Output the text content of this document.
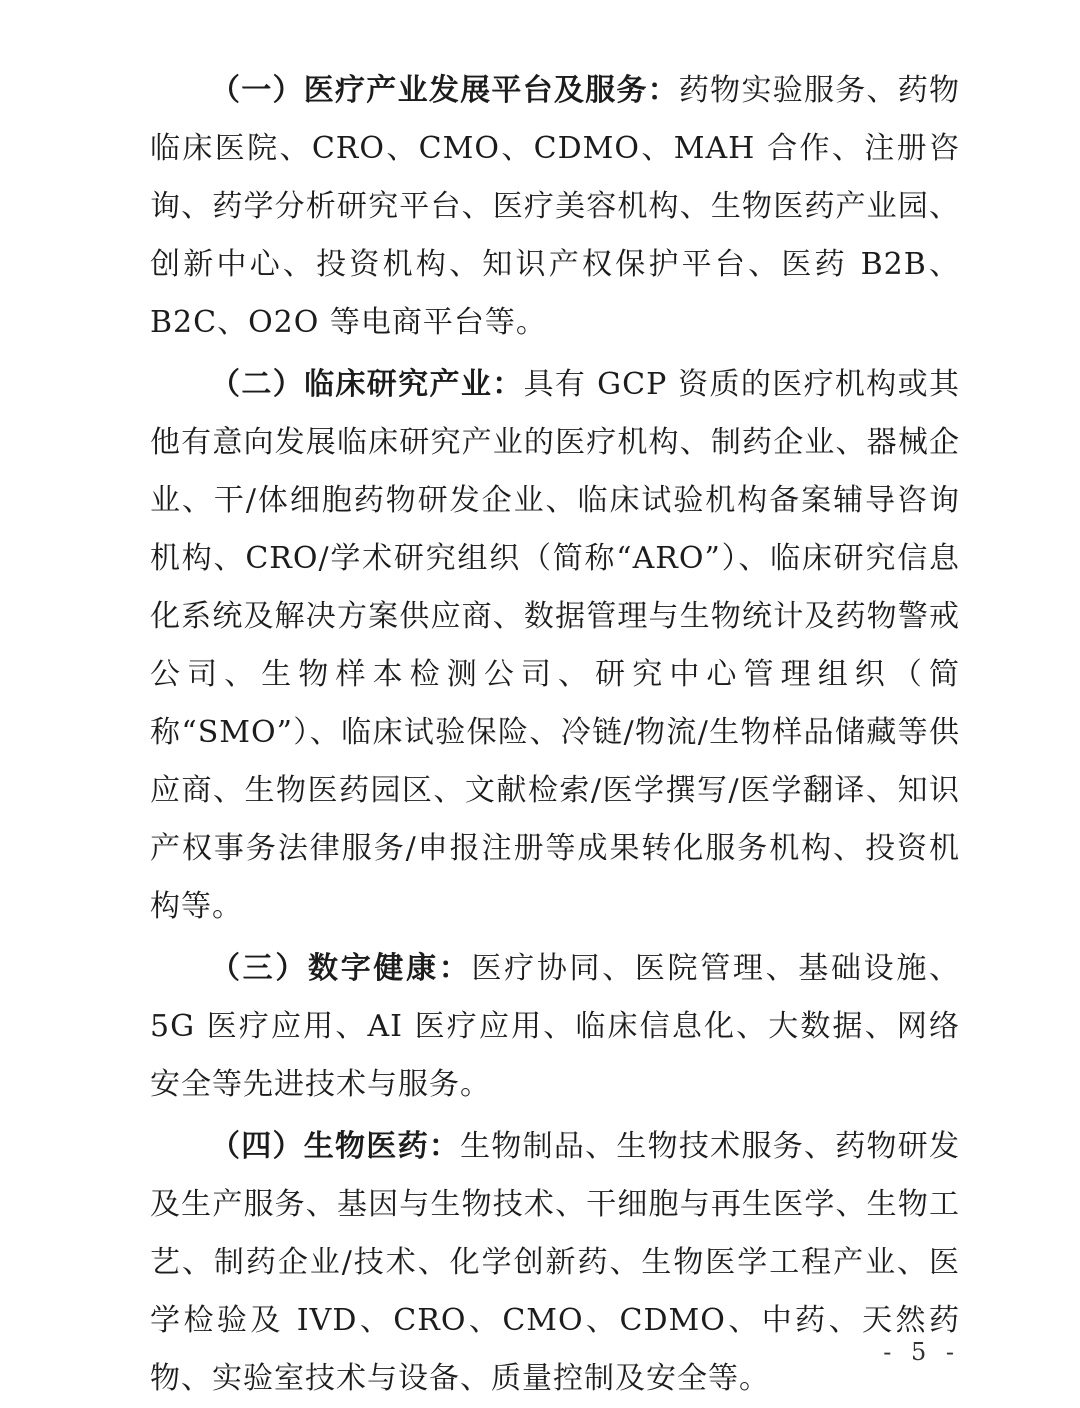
（一）医疗产业发展平台及服务：药物实验服务、药物临床医院、CRO、CMO、CDMO、MAH 合作、注册咨询、药学分析研究平台、医疗美容机构、生物医药产业园、创新中心、投资机构、知识产权保护平台、医药 B2B、B2C、O2O 等电商平台等。

（二）临床研究产业：具有 GCP 资质的医疗机构或其他有意向发展临床研究产业的医疗机构、制药企业、器械企业、干/体细胞药物研发企业、临床试验机构备案辅导咨询机构、CRO/学术研究组织（简称“ARO”）、临床研究信息化系统及解决方案供应商、数据管理与生物统计及药物警戒公司、生物样本检测公司、研究中心管理组织（简称“SMO”）、临床试验保险、冷链/物流/生物样品储藏等供应商、生物医药园区、文献检索/医学撰写/医学翻译、知识产权事务法律服务/申报注册等成果转化服务机构、投资机构等。

（三）数字健康：医疗协同、医院管理、基础设施、5G 医疗应用、AI 医疗应用、临床信息化、大数据、网络安全等先进技术与服务。

（四）生物医药：生物制品、生物技术服务、药物研发及生产服务、基因与生物技术、干细胞与再生医学、生物工艺、制药企业/技术、化学创新药、生物医学工程产业、医学检验及 IVD、CRO、CMO、CDMO、中药、天然药物、实验室技术与设备、质量控制及安全等。

- 5 -
